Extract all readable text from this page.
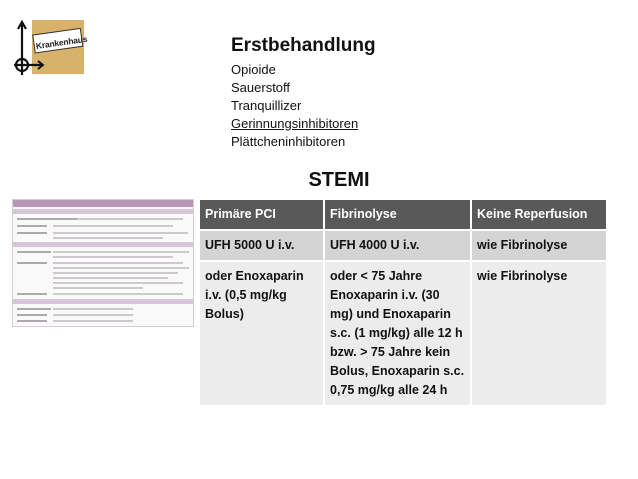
Krankenhaus	Erstbehandlung
Opioide
Sauerstoff
Tranquillizer
Gerinnungsinhibitoren
Plättcheninhibitoren
STEMI
Primäre PCI	Fibrinolyse	Keine Reperfusion
UFH 5000 U i.v.	UFH 4000 U i.v.	wie Fibrinolyse
oder Enoxaparin i.v. (0,5 mg/kg Bolus)	oder < 75 Jahre Enoxaparin i.v. (30 mg) und Enoxaparin s.c. (1 mg/kg) alle 12 h bzw. > 75 Jahre kein Bolus, Enoxaparin s.c. 0,75 mg/kg alle 24 h	wie Fibrinolyse
